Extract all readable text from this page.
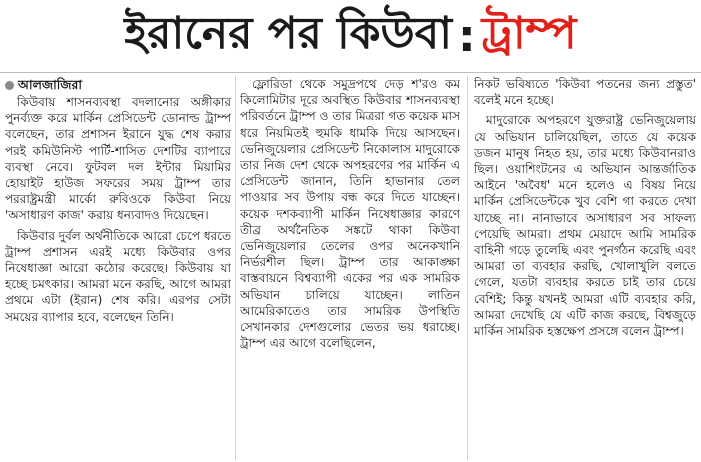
ইরানের পর কিউবা : ট্রাম্প
আলজাজিরা

কিউবায় শাসনব্যবস্থা বদলানোর অঙ্গীকার পুনর্ব্যক্ত করে মার্কিন প্রেসিডেন্ট ডোনাল্ড ট্রাম্প বলেছেন, তার প্রশাসন ইরানে যুদ্ধ শেষ করার পরই কমিউনিস্ট পার্টি-শাসিত দেশটির ব্যাপারে ব্যবস্থা নেবে। ফুটবল দল ইন্টার মিয়ামির হোয়াইট হাউজ সফরের সময় ট্রাম্প তার পররাষ্ট্রমন্ত্রী মার্কো রুবিওকে কিউবা নিয়ে 'অসাধারণ কাজ' করায় ধন্যবাদও দিয়েছেন।

কিউবার দুর্বল অর্থনীতিকে আরো চেপে ধরতে ট্রাম্প প্রশাসন এরই মধ্যে কিউবার ওপর নিষেধাজ্ঞা আরো কঠোর করেছে। কিউবায় যা হচ্ছে চমৎকার। আমরা মনে করছি, আগে আমরা প্রথমে এটা (ইরান) শেষ করি। এরপর সেটা সময়ের ব্যাপার হবে, বলেছেন তিনি।

ফ্লোরিডা থেকে সমুদ্রপথে দেড় শ'রও কম কিলোমিটার দূরে অবস্থিত কিউবার শাসনব্যবস্থা পরিবর্তনে ট্রাম্প ও তার মিত্ররা গত কয়েক মাস ধরে নিয়মিতই হুমকি ধামকি দিয়ে আসছেন। ভেনিজুয়েলার প্রেসিডেন্ট নিকোলাস মাদুরোকে তার নিজ দেশ থেকে অপহরণের পর মার্কিন এ প্রেসিডেন্ট জানান, তিনি হাভানার তেল পাওয়ার সব উপায় বন্ধ করে দিতে যাচ্ছেন। কয়েক দশকব্যাপী মার্কিন নিষেধাজ্ঞার কারণে তীব্র অর্থনৈতিক সঙ্কটে থাকা কিউবা ভেনিজুয়েলার তেলের ওপর অনেকখানি নির্ভরশীল ছিল। ট্রাম্প তার আকাঙ্ক্ষা বাস্তবায়নে বিশ্বব্যাপী একের পর এক সামরিক অভিযান চালিয়ে যাচ্ছেন। লাতিন আমেরিকাতেও তার সামরিক উপস্থিতি সেখানকার দেশগুলোর ভেতর ভয় ধরাচ্ছে। ট্রাম্প এর আগে বলেছিলেন,

নিকট ভবিষ্যতে 'কিউবা পতনের জন্য প্রস্তুত' বলেই মনে হচ্ছে।

মাদুরোকে অপহরণে যুক্তরাষ্ট্র ভেনিজুয়েলায় যে অভিযান চালিয়েছিল, তাতে যে কয়েক ডজন মানুষ নিহত হয়, তার মধ্যে কিউবানরাও ছিল। ওয়াশিংটনের এ অভিযান আন্তর্জাতিক আইনে 'অবৈধ' মনে হলেও এ বিষয় নিয়ে মার্কিন প্রেসিডেন্টকে খুব বেশি গা করতে দেখা যাচ্ছে না। নানাভাবে অসাধারণ সব সাফল্য পেয়েছি আমরা। প্রথম মেয়াদে আমি সামরিক বাহিনী গড়ে তুলেছি এবং পুনর্গঠন করেছি এবং আমরা তা ব্যবহার করছি, খোলাখুলি বলতে গেলে, যতটা ব্যবহার করতে চাই তার চেয়ে বেশিই; কিন্তু যখনই আমরা এটি ব্যবহার করি, আমরা দেখেছি যে এটি কাজ করছে, বিশ্বজুড়ে মার্কিন সামরিক হস্তক্ষেপ প্রসঙ্গে বলেন ট্রাম্প।
